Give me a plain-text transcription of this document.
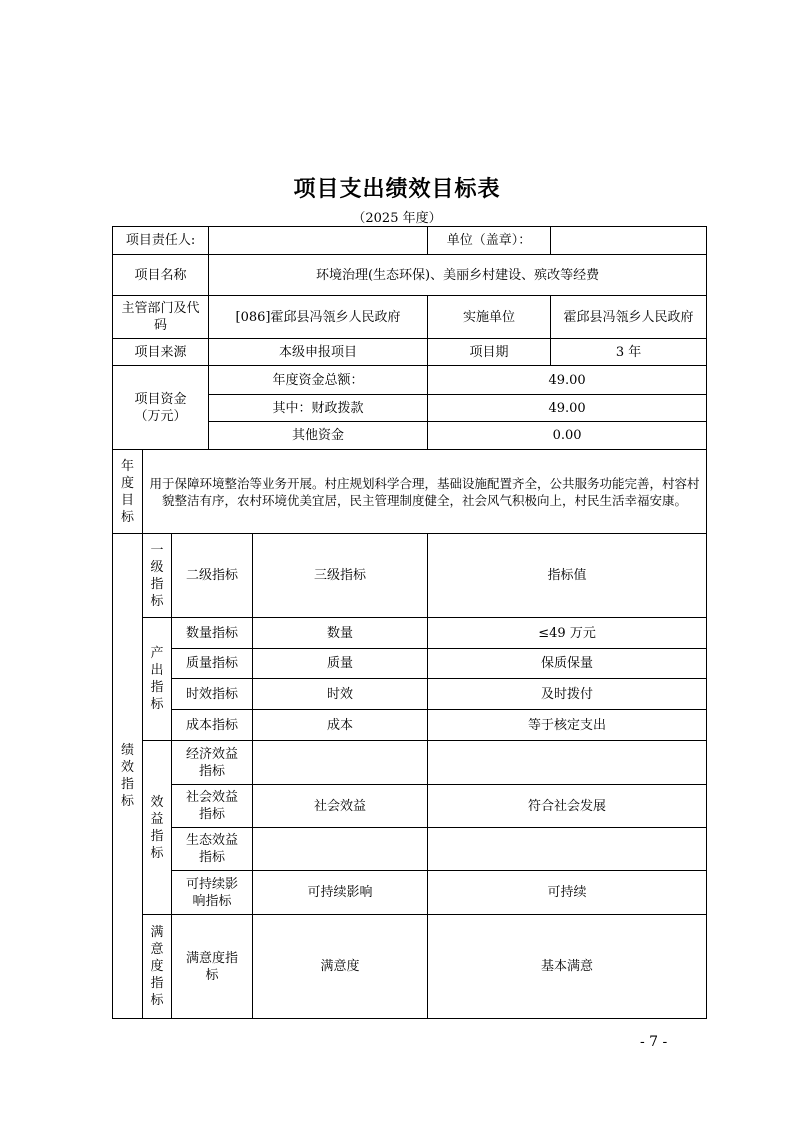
项目支出绩效目标表
（2025 年度）
项目责任人:					单位（盖章）：	
项目名称			环境治理(生态环保)、美丽乡村建设、殡改等经费			
主管部门及代码			[086]霍邱县冯瓴乡人民政府		实施单位	霍邱县冯瓴乡人民政府
项目来源			本级申报项目		项目期	3 年

项目资金（万元）			年度资金总额：		49.00	
			其中：财政拨款		49.00	
			其他资金		0.00	

年度目标	用于保障环境整治等业务开展。村庄规划科学合理，基础设施配置齐全，公共服务功能完善，村容村貌整洁有序，农村环境优美宜居，民主管理制度健全，社会风气积极向上，村民生活幸福安康。					

绩效指标	一级指标	二级指标		三级指标	指标值	

	产出指标	数量指标		数量	≤49 万元	
		质量指标		质量	保质保量	
		时效指标		时效	及时拨付	
		成本指标		成本	等于核定支出	

	效益指标	经济效益指标				

		社会效益指标		社会效益	符合社会发展	

		生态效益指标				

		可持续影响指标		可持续影响	可持续	

	满意度指标	满意度指标		满意度	基本满意	
- 7 -
